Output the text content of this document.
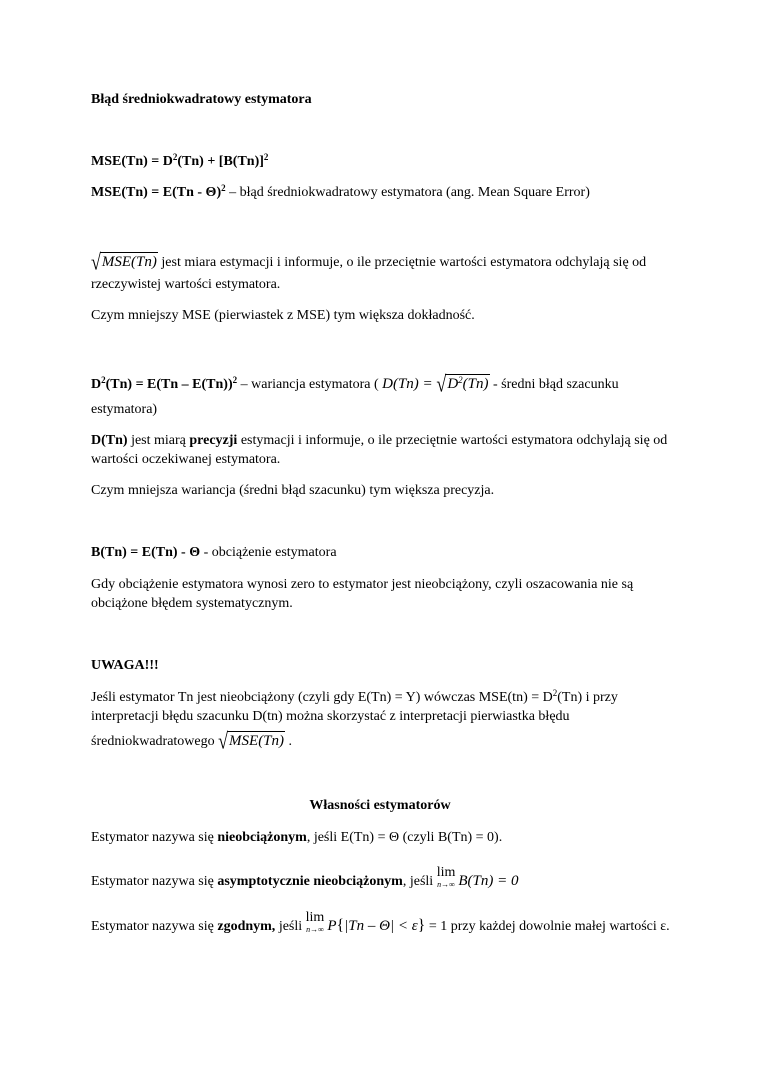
Błąd średniokwadratowy estymatora
$MSE(Tn) = D^2(Tn) + [B(Tn)]^2$
MSE(Tn) = E(Tn - Θ)$^2$ – błąd średniokwadratowy estymatora (ang. Mean Square Error)
√MSE(Tn) jest miara estymacji i informuje, o ile przeciętnie wartości estymatora odchylają się od
rzeczywistej wartości estymatora.
Czym mniejszy MSE (pierwiastek z MSE) tym większa dokładność.
$D^2(Tn) = E(Tn - E(Tn))^2$ – wariancja estymatora ( $D(Tn) = √D^2(Tn)$ - średni błąd szacunku
estymatora)
D(Tn) jest miarą precyzji estymacji i informuje, o ile przeciętnie wartości estymatora odchylają się od
wartości oczekiwanej estymatora.
Czym mniejsza wariancja (średni błąd szacunku) tym większa precyzja.
B(Tn) = E(Tn) - Θ - obciążenie estymatora
Gdy obciążenie estymatora wynosi zero to estymator jest nieobciążony, czyli oszacowania nie są
obciążone błędem systematycznym.
UWAGA!!!
Jeśli estymator Tn jest nieobciążony (czyli gdy E(Tn) = Y) wówczas $MSE(tn) = D^2(Tn)$ i przy
interpretacji błędu szacunku D(tn) można skorzystać z interpretacji pierwiastka błędu
średniokwadratowego √MSE(Tn) .
Własności estymatorów
Estymator nazywa się nieobciążonym, jeśli E(Tn) = Θ (czyli B(Tn) = 0).
Estymator nazywa się asymptotycznie nieobciążonym, jeśli
lim
n→∞ B(Tn) = 0
Estymator nazywa się zgodnym, jeśli
lim
n→∞ P{|Tn – Θ| < ε} = 1 przy każdej dowolnie małej wartości ε.
